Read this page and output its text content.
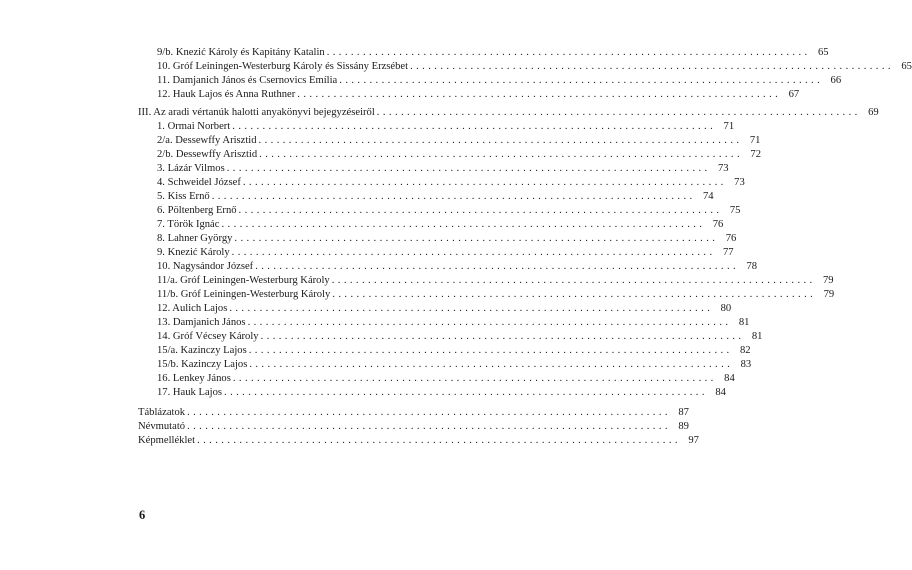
9/b. Knezić Károly és Kapitány Katalin ................................................................................ 65
10. Gróf Leiningen-Westerburg Károly és Sissány Erzsébet ................................................................................ 65
11. Damjanich János és Csernovics Emília ................................................................................ 66
12. Hauk Lajos és Anna Ruthner ................................................................................ 67
III. Az aradi vértanúk halotti anyakönyvi bejegyzéseiről ................................................................................ 69
1. Ormai Norbert ................................................................................ 71
2/a. Dessewffy Arisztid ................................................................................ 71
2/b. Dessewffy Arisztid ................................................................................ 72
3. Lázár Vilmos ................................................................................ 73
4. Schweidel József ................................................................................ 73
5. Kiss Ernő ................................................................................ 74
6. Pöltenberg Ernő ................................................................................ 75
7. Török Ignác ................................................................................ 76
8. Lahner György ................................................................................ 76
9. Knezić Károly ................................................................................ 77
10. Nagysándor József ................................................................................ 78
11/a. Gróf Leiningen-Westerburg Károly ................................................................................ 79
11/b. Gróf Leiningen-Westerburg Károly ................................................................................ 79
12. Aulich Lajos ................................................................................ 80
13. Damjanich János ................................................................................ 81
14. Gróf Vécsey Károly ................................................................................ 81
15/a. Kazinczy Lajos ................................................................................ 82
15/b. Kazinczy Lajos ................................................................................ 83
16. Lenkey János ................................................................................ 84
17. Hauk Lajos ................................................................................ 84
Táblázatok ................................................................................ 87
Névmutató ................................................................................ 89
Képmelléklet ................................................................................ 97
6
